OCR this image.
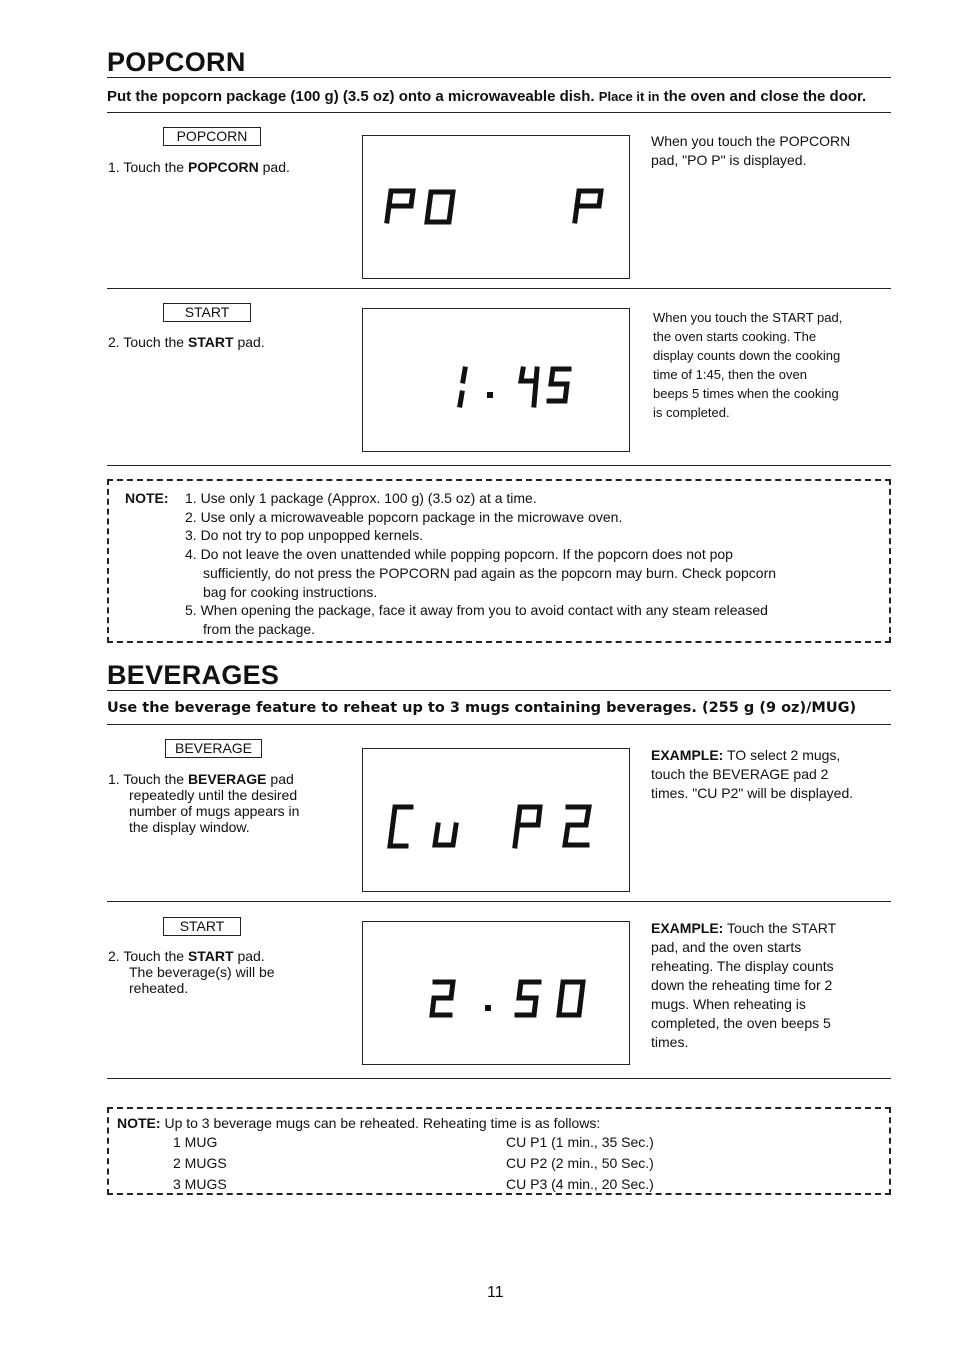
POPCORN
Put the popcorn package (100 g) (3.5 oz) onto a microwaveable dish. Place it in the oven and close the door.
POPCORN
1. Touch the POPCORN pad.
When you touch the POPCORN
pad, "PO P" is displayed.
START
2. Touch the START pad.
When you touch the START pad,
the oven starts cooking. The
display counts down the cooking
time of 1:45, then the oven
beeps 5 times when the cooking
is completed.
NOTE: 1. Use only 1 package (Approx. 100 g) (3.5 oz) at a time.
2. Use only a microwaveable popcorn package in the microwave oven.
3. Do not try to pop unpopped kernels.
4. Do not leave the oven unattended while popping popcorn. If the popcorn does not pop
sufficiently, do not press the POPCORN pad again as the popcorn may burn. Check popcorn
bag for cooking instructions.
5. When opening the package, face it away from you to avoid contact with any steam released
from the package.
BEVERAGES
Use the beverage feature to reheat up to 3 mugs containing beverages. (255 g (9 oz)/MUG)
BEVERAGE
1. Touch the BEVERAGE pad
repeatedly until the desired
number of mugs appears in
the display window.
EXAMPLE: TO select 2 mugs,
touch the BEVERAGE pad 2
times. "CU P2" will be displayed.
START
2. Touch the START pad.
The beverage(s) will be
reheated.
EXAMPLE: Touch the START
pad, and the oven starts
reheating. The display counts
down the reheating time for 2
mugs. When reheating is
completed, the oven beeps 5
times.
NOTE: Up to 3 beverage mugs can be reheated. Reheating time is as follows:
1 MUG	CU P1 (1 min., 35 Sec.)
2 MUGS	CU P2 (2 min., 50 Sec.)
3 MUGS	CU P3 (4 min., 20 Sec.)
11
